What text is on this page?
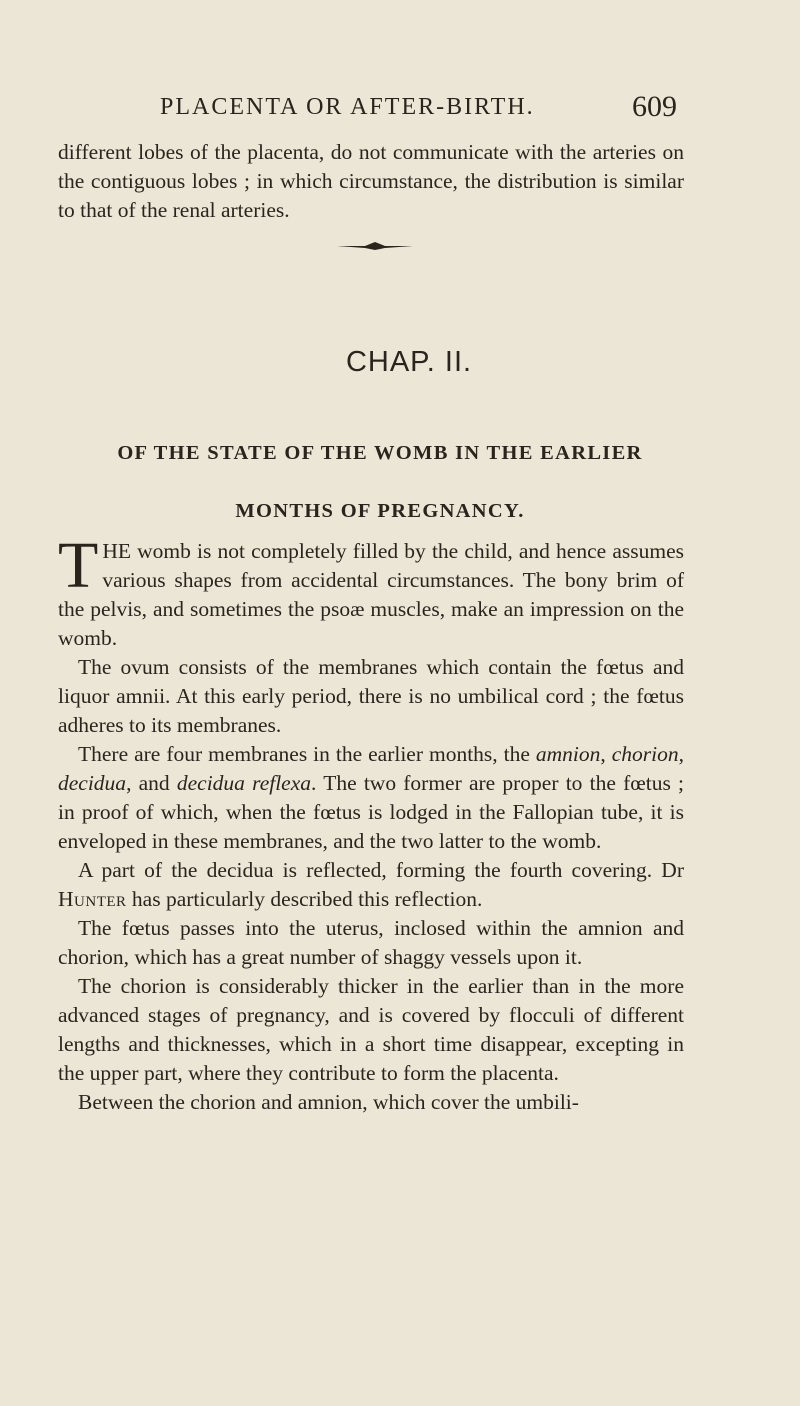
PLACENTA OR AFTER-BIRTH.	609

different lobes of the placenta, do not communicate with the arteries on the contiguous lobes ; in which circumstance, the distribution is similar to that of the renal arteries.

CHAP. II.
OF THE STATE OF THE WOMB IN THE EARLIER MONTHS OF PREGNANCY.

THE womb is not completely filled by the child, and hence assumes various shapes from accidental circumstances. The bony brim of the pelvis, and sometimes the psoæ muscles, make an impression on the womb.

The ovum consists of the membranes which contain the fœtus and liquor amnii. At this early period, there is no umbilical cord ; the fœtus adheres to its membranes.

There are four membranes in the earlier months, the amnion, chorion, decidua, and decidua reflexa. The two former are proper to the fœtus ; in proof of which, when the fœtus is lodged in the Fallopian tube, it is enveloped in these membranes, and the two latter to the womb.

A part of the decidua is reflected, forming the fourth covering. Dr Hunter has particularly described this reflection.

The fœtus passes into the uterus, inclosed within the amnion and chorion, which has a great number of shaggy vessels upon it.

The chorion is considerably thicker in the earlier than in the more advanced stages of pregnancy, and is covered by flocculi of different lengths and thicknesses, which in a short time disappear, excepting in the upper part, where they contribute to form the placenta.

Between the chorion and amnion, which cover the umbili-
